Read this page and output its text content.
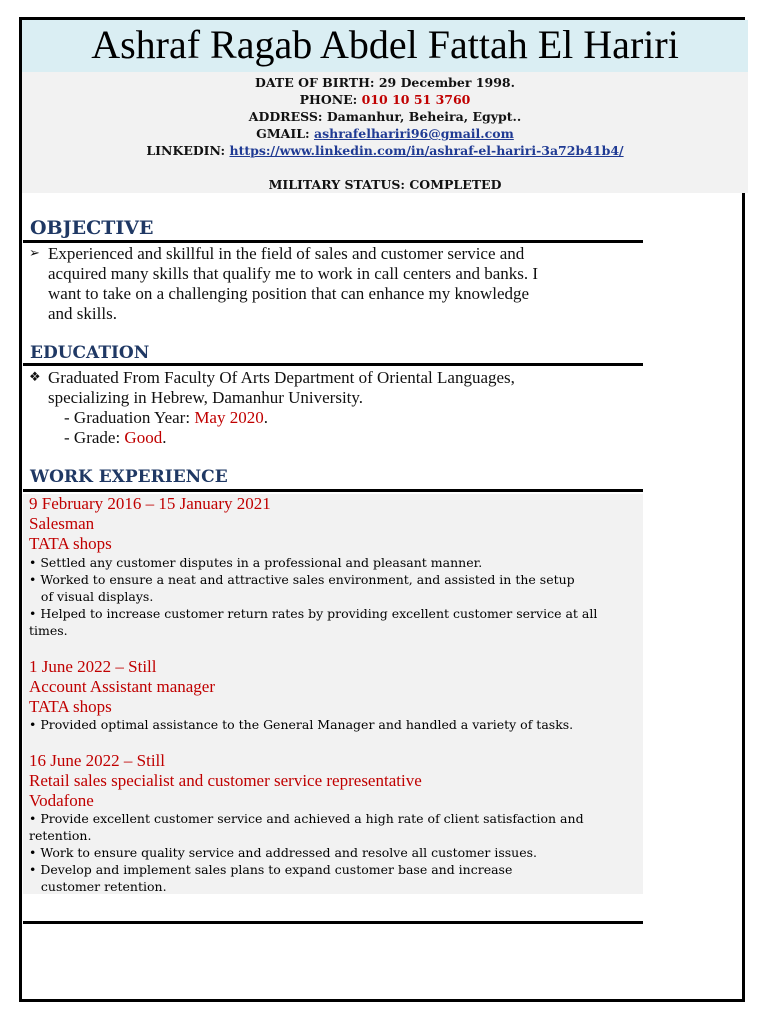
Ashraf Ragab Abdel Fattah El Hariri
DATE OF BIRTH: 29 December 1998.
PHONE: 010 10 51 3760
ADDRESS: Damanhur, Beheira, Egypt..
GMAIL: ashrafelhariri96@gmail.com
LINKEDIN: https://www.linkedin.com/in/ashraf-el-hariri-3a72b41b4/
MILITARY STATUS: COMPLETED
OBJECTIVE
➢ Experienced and skillful in the field of sales and customer service and
acquired many skills that qualify me to work in call centers and banks. I
want to take on a challenging position that can enhance my knowledge
and skills.
EDUCATION
❖ Graduated From Faculty Of Arts Department of Oriental Languages,
specializing in Hebrew, Damanhur University.
- Graduation Year: May 2020.
- Grade: Good.
WORK EXPERIENCE
9 February 2016 – 15 January 2021
Salesman
TATA shops
• Settled any customer disputes in a professional and pleasant manner.
• Worked to ensure a neat and attractive sales environment, and assisted in the setup
of visual displays.
• Helped to increase customer return rates by providing excellent customer service at all
times.
1 June 2022 – Still
Account Assistant manager
TATA shops
• Provided optimal assistance to the General Manager and handled a variety of tasks.
16 June 2022 – Still
Retail sales specialist and customer service representative
Vodafone
• Provide excellent customer service and achieved a high rate of client satisfaction and
retention.
• Work to ensure quality service and addressed and resolve all customer issues.
• Develop and implement sales plans to expand customer base and increase
customer retention.
